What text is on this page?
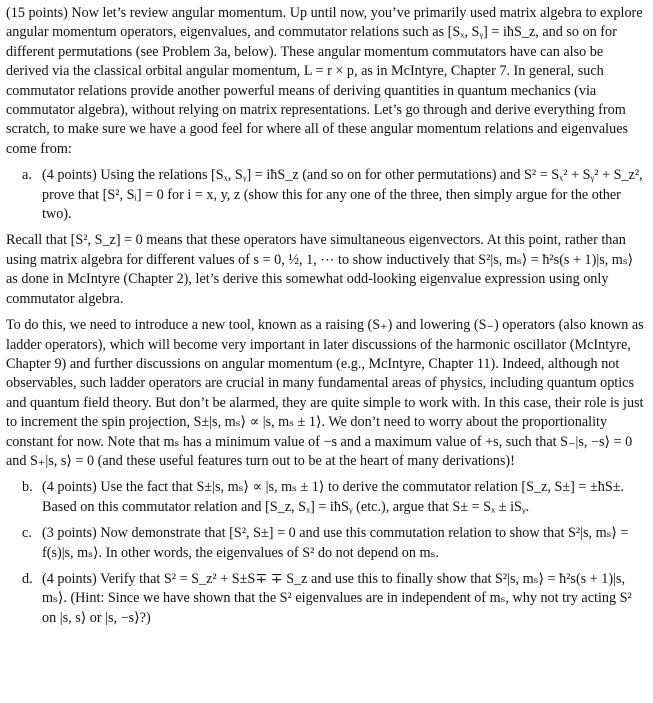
(15 points) Now let’s review angular momentum. Up until now, you’ve primarily used matrix algebra to explore angular momentum operators, eigenvalues, and commutator relations such as [Sₓ, Sᵧ] = iħS_z, and so on for different permutations (see Problem 3a, below). These angular momentum commutators have can also be derived via the classical orbital angular momentum, L = r × p, as in McIntyre, Chapter 7. In general, such commutator relations provide another powerful means of deriving quantities in quantum mechanics (via commutator algebra), without relying on matrix representations. Let’s go through and derive everything from scratch, to make sure we have a good feel for where all of these angular momentum relations and eigenvalues come from:

a. (4 points) Using the relations [Sₓ, Sᵧ] = iħS_z (and so on for other permutations) and S² = Sₓ² + Sᵧ² + S_z², prove that [S², Sᵢ] = 0 for i = x, y, z (show this for any one of the three, then simply argue for the other two).

Recall that [S², S_z] = 0 means that these operators have simultaneous eigenvectors. At this point, rather than using matrix algebra for different values of s = 0, ½, 1, ⋯ to show inductively that S²|s, mₛ⟩ = ħ²s(s + 1)|s, mₛ⟩ as done in McIntyre (Chapter 2), let’s derive this somewhat odd-looking eigenvalue expression using only commutator algebra.

To do this, we need to introduce a new tool, known as a raising (S₊) and lowering (S₋) operators (also known as ladder operators), which will become very important in later discussions of the harmonic oscillator (McIntyre, Chapter 9) and further discussions on angular momentum (e.g., McIntyre, Chapter 11). Indeed, although not observables, such ladder operators are crucial in many fundamental areas of physics, including quantum optics and quantum field theory. But don’t be alarmed, they are quite simple to work with. In this case, their role is just to increment the spin projection, S±|s, mₛ⟩ ∝ |s, mₛ ± 1⟩. We don’t need to worry about the proportionality constant for now. Note that mₛ has a minimum value of −s and a maximum value of +s, such that S₋|s, −s⟩ = 0 and S₊|s, s⟩ = 0 (and these useful features turn out to be at the heart of many derivations)!

b. (4 points) Use the fact that S±|s, mₛ⟩ ∝ |s, mₛ ± 1⟩ to derive the commutator relation [S_z, S±] = ±ħS±. Based on this commutator relation and [S_z, Sₓ] = iħSᵧ (etc.), argue that S± = Sₓ ± iSᵧ.

c. (3 points) Now demonstrate that [S², S±] = 0 and use this commutation relation to show that S²|s, mₛ⟩ = f(s)|s, mₛ⟩. In other words, the eigenvalues of S² do not depend on mₛ.

d. (4 points) Verify that S² = S_z² + S±S∓ ∓ S_z and use this to finally show that S²|s, mₛ⟩ = ħ²s(s + 1)|s, mₛ⟩. (Hint: Since we have shown that the S² eigenvalues are in independent of mₛ, why not try acting S² on |s, s⟩ or |s, −s⟩?)
